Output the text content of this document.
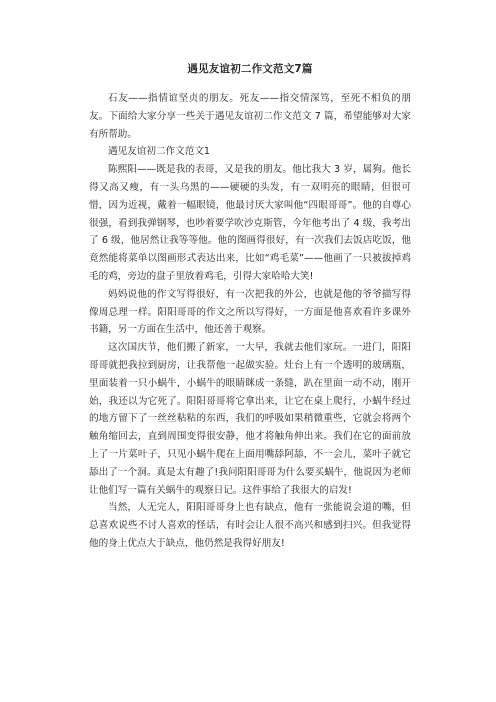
遇见友谊初二作文范文7篇

石友——指情谊坚贞的朋友。死友——指交情深笃，至死不相负的朋友。下面给大家分享一些关于遇见友谊初二作文范文 7 篇，希望能够对大家有所帮助。

遇见友谊初二作文范文1

陈熙阳——既是我的表哥，又是我的朋友。他比我大 3 岁，属狗。他长得又高又瘦，有一头乌黑的——硬硬的头发，有一双明亮的眼睛，但很可惜，因为近视，戴着一幅眼镜，他最讨厌大家叫他“四眼哥哥”。他的自尊心很强，看到我弹钢琴，也吵着要学吹沙克斯管，今年他考出了 4 级，我考出了 6 级，他居然让我等等他。他的图画得很好，有一次我们去饭店吃饭，他竟然能将菜单以图画形式表达出来，比如“鸡毛菜”——他画了一只被拔掉鸡毛的鸡，旁边的盘子里放着鸡毛，引得大家哈哈大笑!

妈妈说他的作文写得很好，有一次把我的外公，也就是他的爷爷描写得像周总理一样。阳阳哥哥的作文之所以写得好，一方面是他喜欢看许多课外书籍，另一方面在生活中，他还善于观察。

这次国庆节，他们搬了新家，一大早，我就去他们家玩。一进门，阳阳哥哥就把我拉到厨房，让我帮他一起做实验。灶台上有一个透明的玻璃瓶，里面装着一只小蜗牛，小蜗牛的眼睛眯成一条缝，趴在里面一动不动，刚开始，我还以为它死了。阳阳哥哥将它拿出来，让它在桌上爬行，小蜗牛经过的地方留下了一丝丝粘粘的东西，我们的呼吸如果稍微重些，它就会将两个触角缩回去，直到周围变得很安静，他才将触角伸出来。我们在它的面前放上了一片菜叶子，只见小蜗牛爬在上面用嘴舔阿舔，不一会儿，菜叶子就它舔出了一个洞。真是太有趣了!我问阳阳哥哥为什么要买蜗牛，他说因为老师让他们写一篇有关蜗牛的观察日记。这件事给了我很大的启发!

当然，人无完人，阳阳哥哥身上也有缺点，他有一张能说会道的嘴，但总喜欢说些不讨人喜欢的怪话，有时会让人很不高兴和感到扫兴。但我觉得他的身上优点大于缺点，他仍然是我得好朋友!
